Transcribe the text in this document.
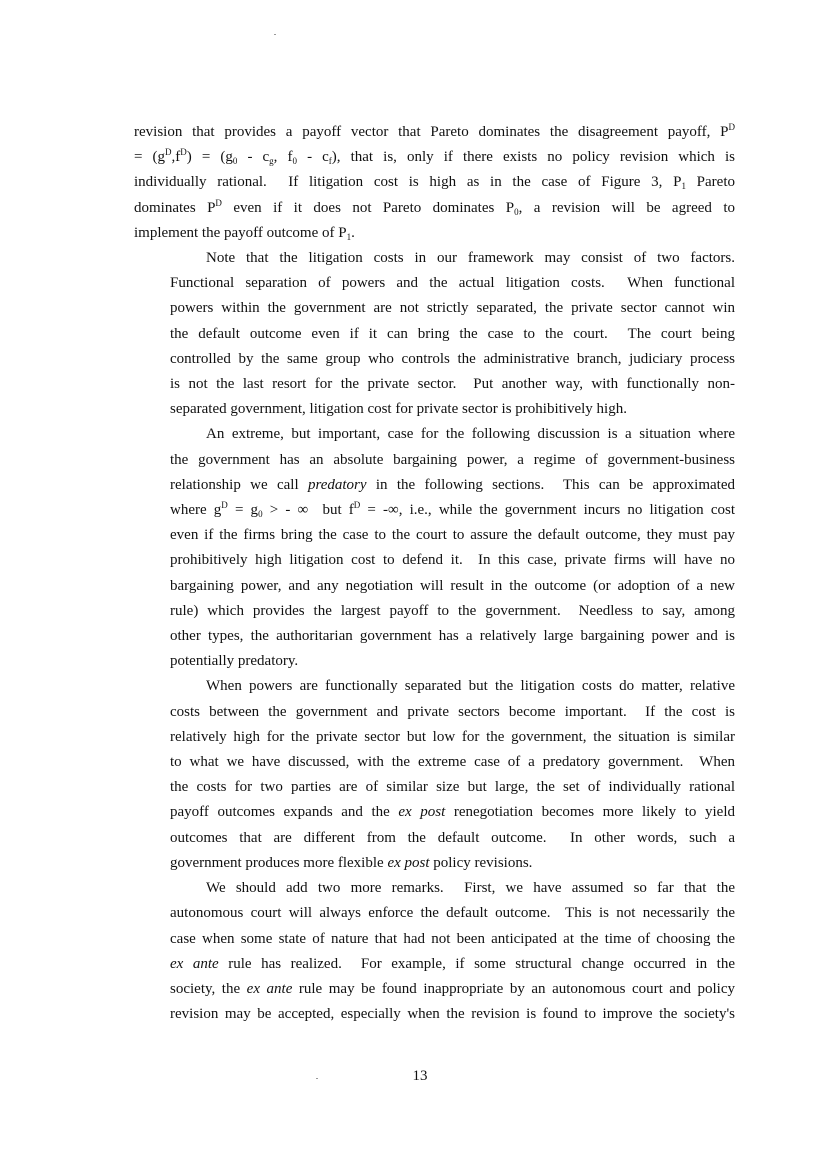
revision that provides a payoff vector that Pareto dominates the disagreement payoff, $P^D$
= $(g^D,f^D) = (g_0 - c_g$, $f_0 - c_f$), that is, only if there exists no policy revision which is
individually rational.  If litigation cost is high as in the case of Figure 3, $P_1$ Pareto
dominates $P^D$ even if it does not Pareto dominates $P_0$, a revision will be agreed to
implement the payoff outcome of $P_1$.
Note that the litigation costs in our framework may consist of two factors.
Functional separation of powers and the actual litigation costs.  When functional
powers within the government are not strictly separated, the private sector cannot win
the default outcome even if it can bring the case to the court.  The court being
controlled by the same group who controls the administrative branch, judiciary process
is not the last resort for the private sector.  Put another way, with functionally non-
separated government, litigation cost for private sector is prohibitively high.
An extreme, but important, case for the following discussion is a situation where
the government has an absolute bargaining power, a regime of government-business
relationship we call predatory in the following sections.  This can be approximated
where $g^D = g_0$ > - ∞  but $f^D$ = -∞, i.e., while the government incurs no litigation cost
even if the firms bring the case to the court to assure the default outcome, they must pay
prohibitively high litigation cost to defend it.  In this case, private firms will have no
bargaining power, and any negotiation will result in the outcome (or adoption of a new
rule) which provides the largest payoff to the government.  Needless to say, among
other types, the authoritarian government has a relatively large bargaining power and is
potentially predatory.
When powers are functionally separated but the litigation costs do matter, relative
costs between the government and private sectors become important.  If the cost is
relatively high for the private sector but low for the government, the situation is similar
to what we have discussed, with the extreme case of a predatory government.  When
the costs for two parties are of similar size but large, the set of individually rational
payoff outcomes expands and the ex post renegotiation becomes more likely to yield
outcomes that are different from the default outcome.  In other words, such a
government produces more flexible ex post policy revisions.
We should add two more remarks.  First, we have assumed so far that the
autonomous court will always enforce the default outcome.  This is not necessarily the
case when some state of nature that had not been anticipated at the time of choosing the
ex ante rule has realized.  For example, if some structural change occurred in the
society, the ex ante rule may be found inappropriate by an autonomous court and policy
revision may be accepted, especially when the revision is found to improve the society's
13
